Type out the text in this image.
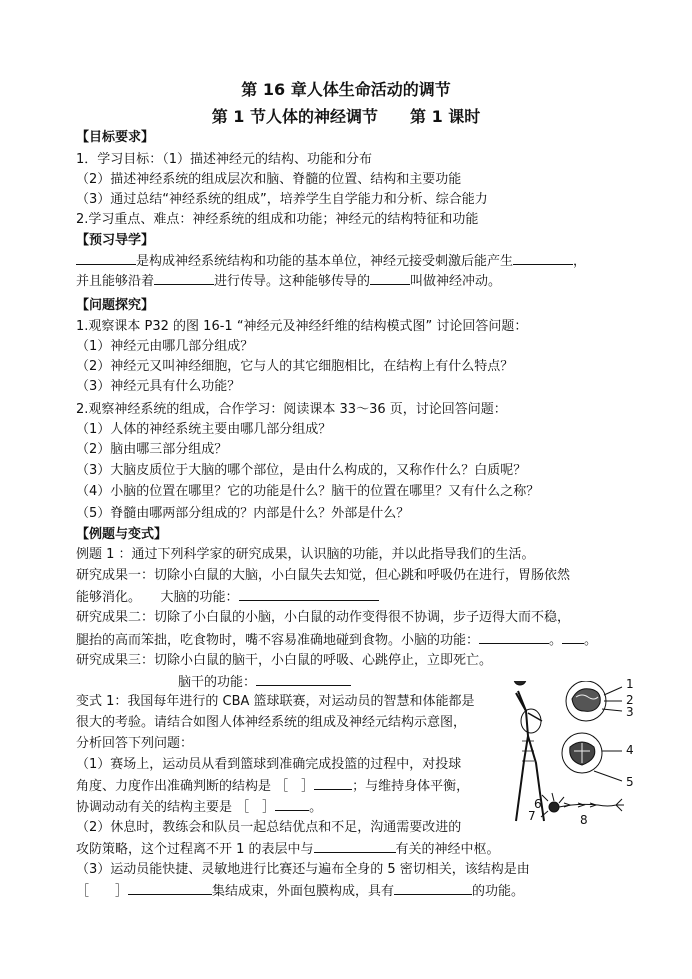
第 16 章人体生命活动的调节
第 1 节人体的神经调节　　第 1 课时
【目标要求】
1．学习目标：（1）描述神经元的结构、功能和分布
（2）描述神经系统的组成层次和脑、脊髓的位置、结构和主要功能
（3）通过总结“神经系统的组成”，培养学生自学能力和分析、综合能力
2.学习重点、难点：神经系统的组成和功能；神经元的结构特征和功能
【预习导学】
是构成神经系统结构和功能的基本单位，神经元接受刺激后能产生	，
并且能够沿着	进行传导。这种能够传导的	叫做神经冲动。
【问题探究】
1.观察课本 P32 的图 16-1 “神经元及神经纤维的结构模式图” 讨论回答问题：
（1）神经元由哪几部分组成？
（2）神经元又叫神经细胞，它与人的其它细胞相比，在结构上有什么特点？
（3）神经元具有什么功能？
2.观察神经系统的组成，合作学习：阅读课本 33～36 页，讨论回答问题：
（1）人体的神经系统主要由哪几部分组成？
（2）脑由哪三部分组成？
（3）大脑皮质位于大脑的哪个部位，是由什么构成的，又称作什么？白质呢？
（4）小脑的位置在哪里？它的功能是什么？脑干的位置在哪里？又有什么之称？
（5）脊髓由哪两部分组成的？内部是什么？外部是什么？
【例题与变式】
例题 1 ：通过下列科学家的研究成果，认识脑的功能，并以此指导我们的生活。
研究成果一：切除小白鼠的大脑，小白鼠失去知觉，但心跳和呼吸仍在进行，胃肠依然
能够消化。　　大脑的功能：
研究成果二：切除了小白鼠的小脑，小白鼠的动作变得很不协调，步子迈得大而不稳，
腿抬的高而笨拙，吃食物时，嘴不容易准确地碰到食物。小脑的功能：	。 。
研究成果三：切除小白鼠的脑干，小白鼠的呼吸、心跳停止，立即死亡。
脑干的功能：
变式 1：我国每年进行的 CBA 篮球联赛，对运动员的智慧和体能都是
很大的考验。请结合如图人体神经系统的组成及神经元结构示意图，
分析回答下列问题：
（1）赛场上，运动员从看到篮球到准确完成投篮的过程中，对投球
角度、力度作出准确判断的结构是 ［　］	；与维持身体平衡，
协调动动有关的结构主要是 ［　］	。
（2）休息时，教练会和队员一起总结优点和不足，沟通需要改进的
攻防策略，这个过程离不开 1 的表层中与	有关的神经中枢。
（3）运动员能快捷、灵敏地进行比赛还与遍布全身的 5 密切相关，该结构是由
［　　］	集结成束，外面包膜构成，具有	的功能。
1
2
3
4
5
6
7	8
